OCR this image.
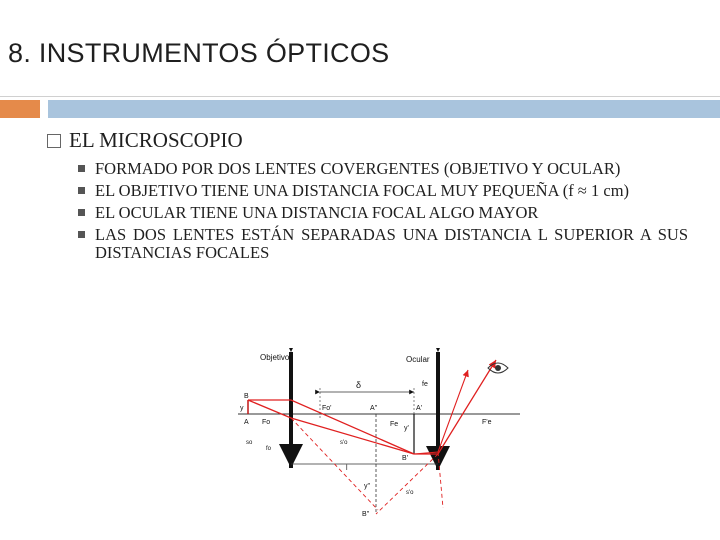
8. INSTRUMENTOS ÓPTICOS
EL MICROSCOPIO
FORMADO POR DOS LENTES COVERGENTES (OBJETIVO Y OCULAR)
EL OBJETIVO TIENE UNA DISTANCIA FOCAL MUY PEQUEÑA (f ≈ 1 cm)
EL OCULAR TIENE UNA DISTANCIA FOCAL ALGO MAYOR
LAS DOS LENTES ESTÁN SEPARADAS UNA DISTANCIA L SUPERIOR A SUS DISTANCIAS FOCALES
Objetivo	Ocular
δ	fe
B
y
A Fo
so
fo
Fo'	A''	A'
Fe
y'
F'e
s'o
B'
l
y''
s'o
B''
